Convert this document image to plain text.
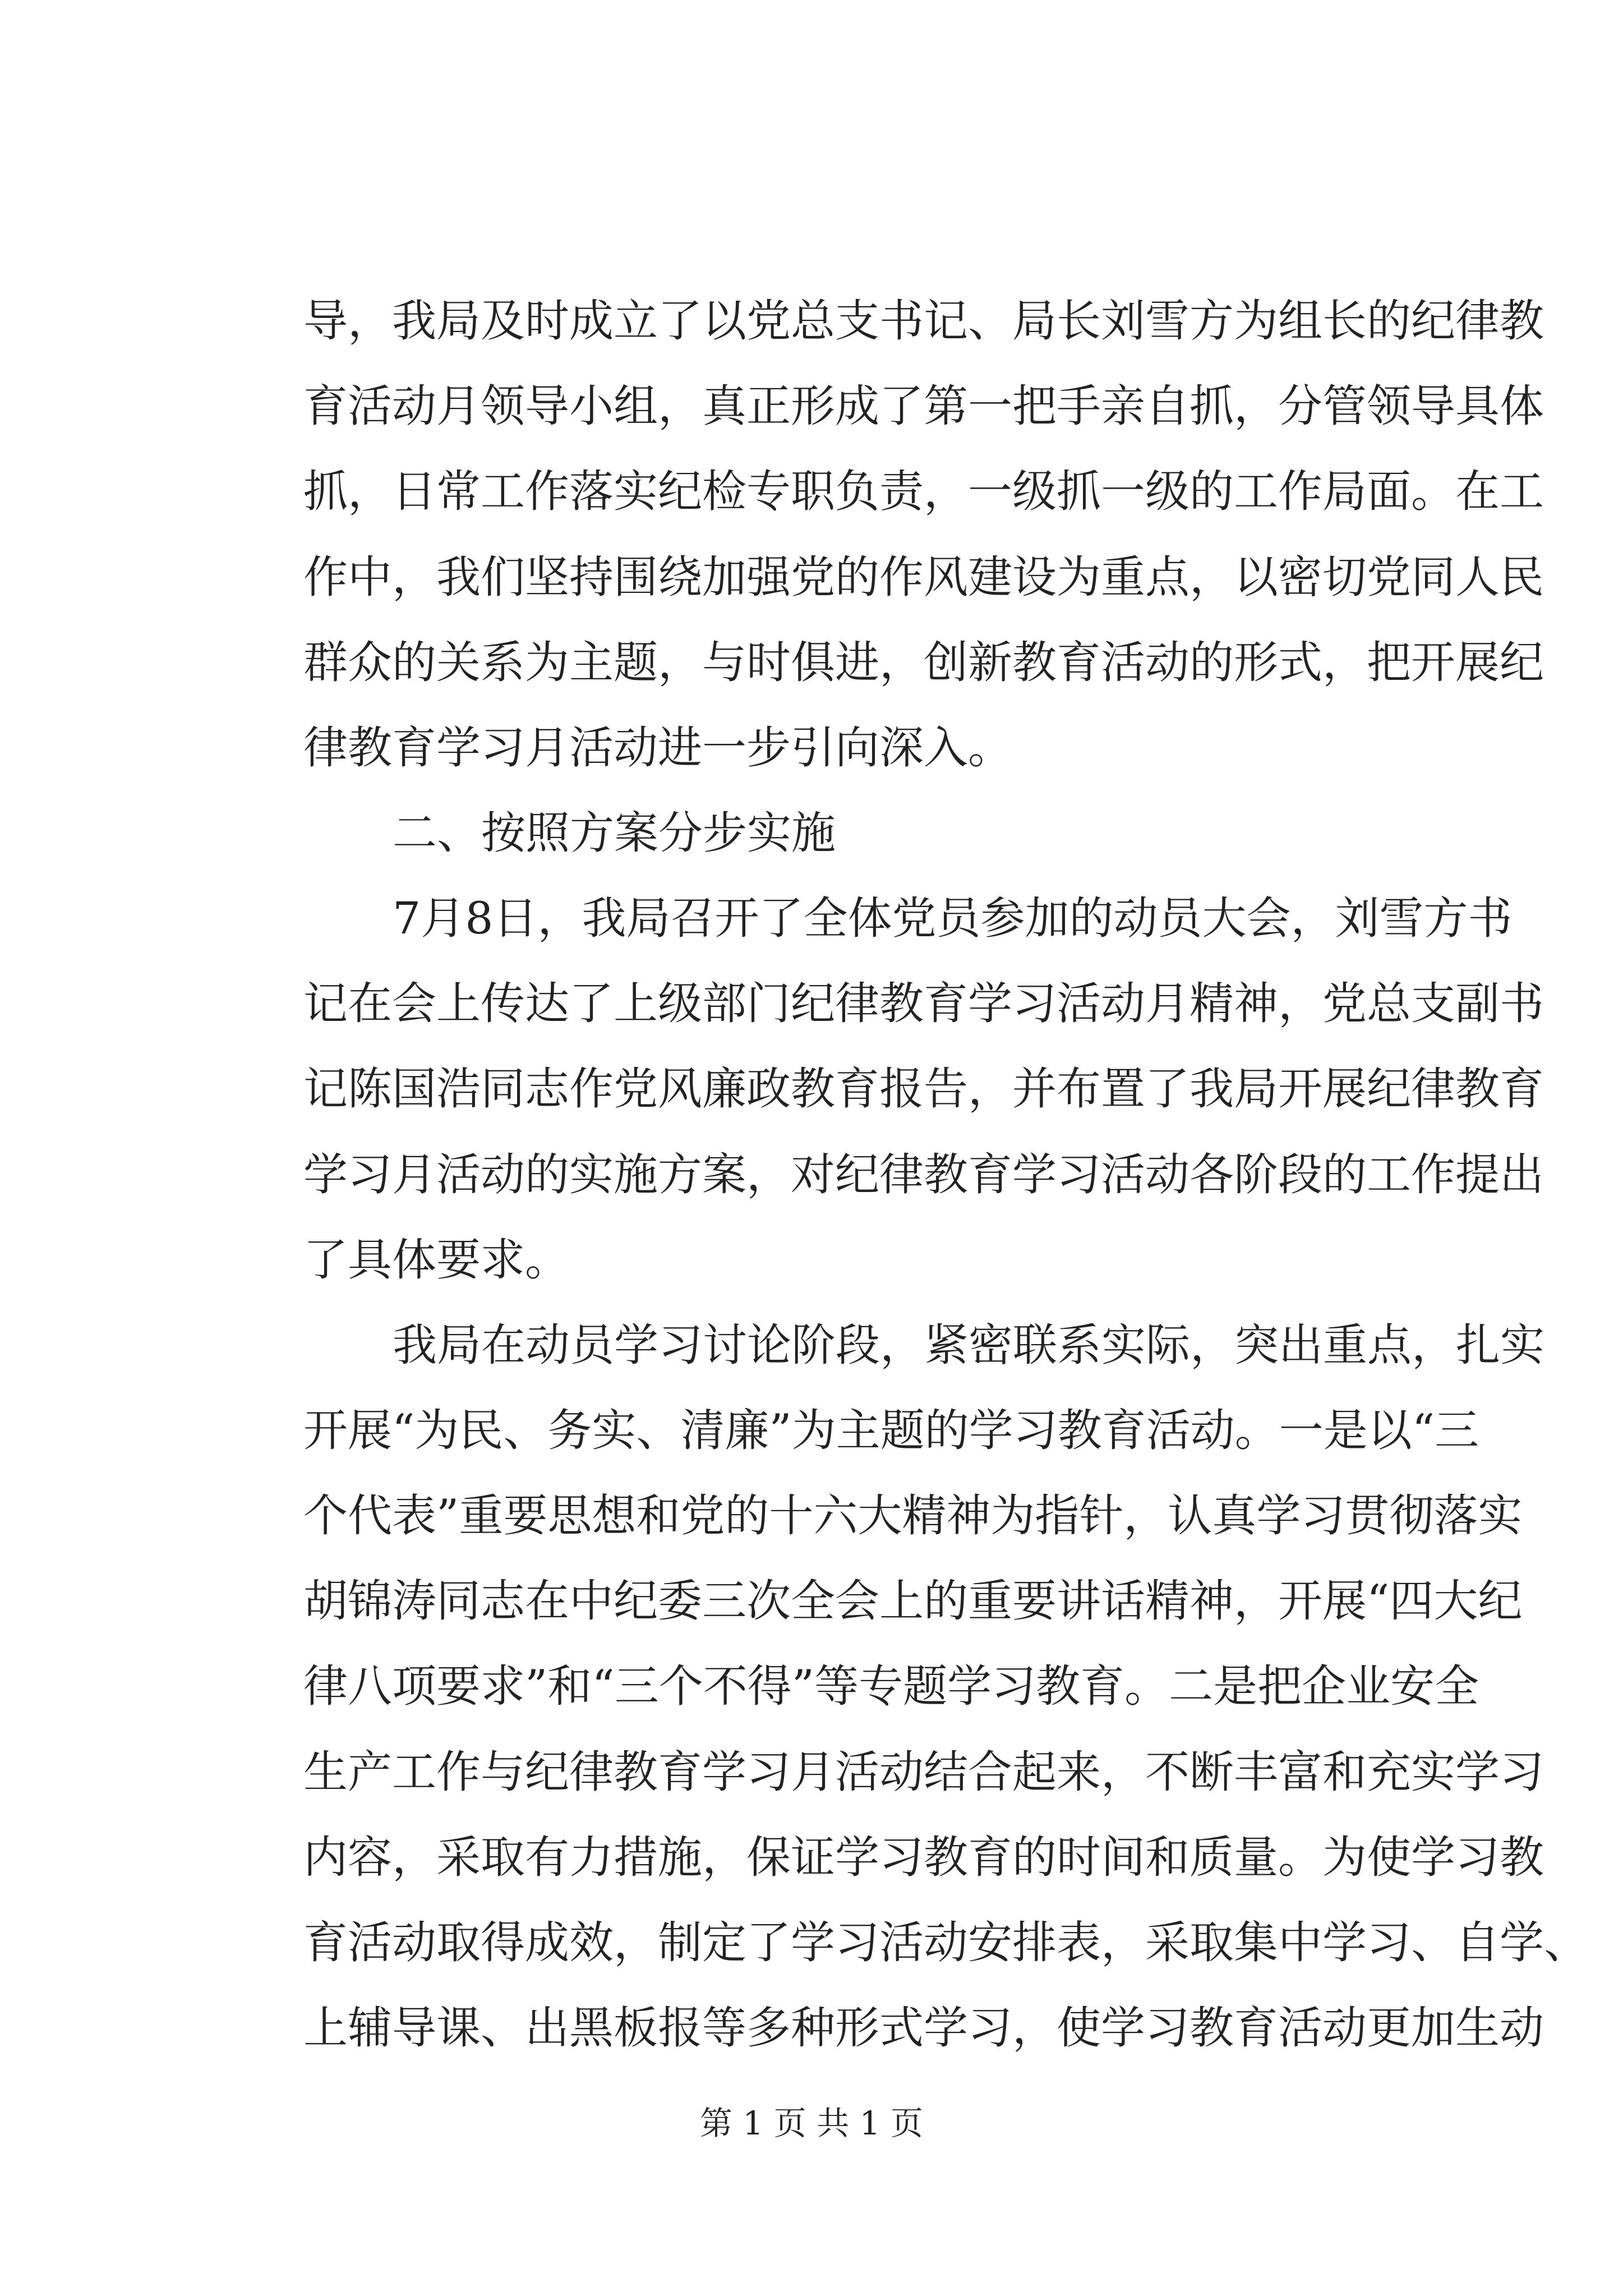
导，我局及时成立了以党总支书记、局长刘雪方为组长的纪律教

育活动月领导小组，真正形成了第一把手亲自抓，分管领导具体

抓，日常工作落实纪检专职负责，一级抓一级的工作局面。在工

作中，我们坚持围绕加强党的作风建设为重点，以密切党同人民

群众的关系为主题，与时俱进，创新教育活动的形式，把开展纪

律教育学习月活动进一步引向深入。

二、按照方案分步实施

7月8日，我局召开了全体党员参加的动员大会，刘雪方书

记在会上传达了上级部门纪律教育学习活动月精神，党总支副书

记陈国浩同志作党风廉政教育报告，并布置了我局开展纪律教育

学习月活动的实施方案，对纪律教育学习活动各阶段的工作提出

了具体要求。

我局在动员学习讨论阶段，紧密联系实际，突出重点，扎实

开展“为民、务实、清廉”为主题的学习教育活动。一是以“三

个代表”重要思想和党的十六大精神为指针，认真学习贯彻落实

胡锦涛同志在中纪委三次全会上的重要讲话精神，开展“四大纪

律八项要求”和“三个不得”等专题学习教育。二是把企业安全

生产工作与纪律教育学习月活动结合起来，不断丰富和充实学习

内容，采取有力措施，保证学习教育的时间和质量。为使学习教

育活动取得成效，制定了学习活动安排表，采取集中学习、自学、

上辅导课、出黑板报等多种形式学习，使学习教育活动更加生动

第 1 页 共 1 页
